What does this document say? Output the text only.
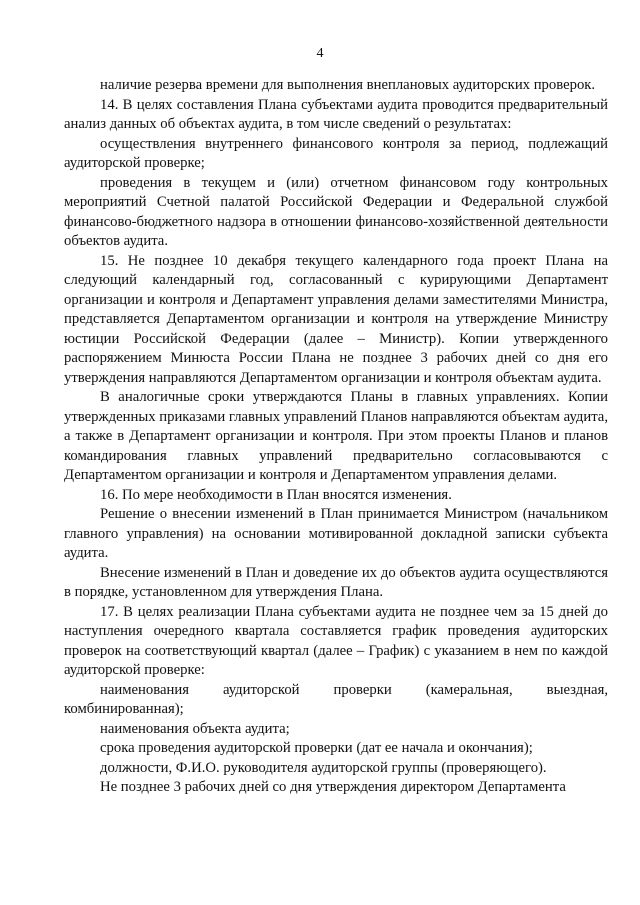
4

наличие резерва времени для выполнения внеплановых аудиторских проверок.

14. В целях составления Плана субъектами аудита проводится предварительный анализ данных об объектах аудита, в том числе сведений о результатах:

осуществления внутреннего финансового контроля за период, подлежащий аудиторской проверке;

проведения в текущем и (или) отчетном финансовом году контрольных мероприятий Счетной палатой Российской Федерации и Федеральной службой финансово-бюджетного надзора в отношении финансово-хозяйственной деятельности объектов аудита.

15. Не позднее 10 декабря текущего календарного года проект Плана на следующий календарный год, согласованный с курирующими Департамент организации и контроля и Департамент управления делами заместителями Министра, представляется Департаментом организации и контроля на утверждение Министру юстиции Российской Федерации (далее – Министр). Копии утвержденного распоряжением Минюста России Плана не позднее 3 рабочих дней со дня его утверждения направляются Департаментом организации и контроля объектам аудита.

В аналогичные сроки утверждаются Планы в главных управлениях. Копии утвержденных приказами главных управлений Планов направляются объектам аудита, а также в Департамент организации и контроля. При этом проекты Планов и планов командирования главных управлений предварительно согласовываются с Департаментом организации и контроля и Департаментом управления делами.

16. По мере необходимости в План вносятся изменения.

Решение о внесении изменений в План принимается Министром (начальником главного управления) на основании мотивированной докладной записки субъекта аудита.

Внесение изменений в План и доведение их до объектов аудита осуществляются в порядке, установленном для утверждения Плана.

17. В целях реализации Плана субъектами аудита не позднее чем за 15 дней до наступления очередного квартала составляется график проведения аудиторских проверок на соответствующий квартал (далее – График) с указанием в нем по каждой аудиторской проверке:

наименования аудиторской проверки (камеральная, выездная, комбинированная);

наименования объекта аудита;

срока проведения аудиторской проверки (дат ее начала и окончания);

должности, Ф.И.О. руководителя аудиторской группы (проверяющего).

Не позднее 3 рабочих дней со дня утверждения директором Департамента
